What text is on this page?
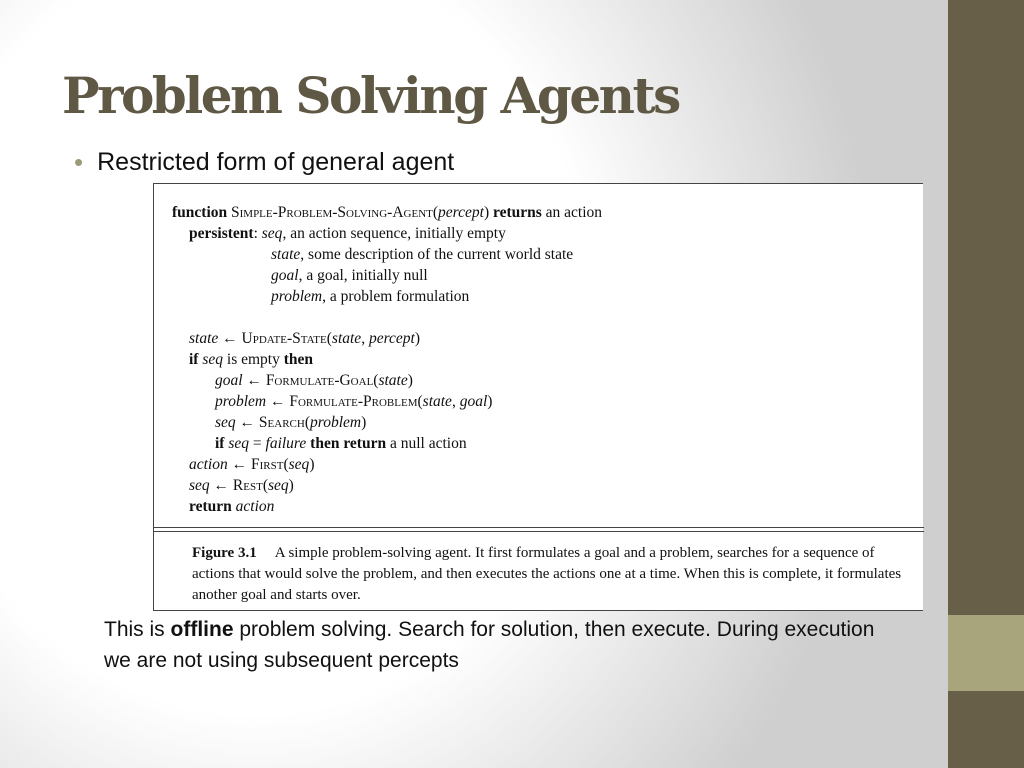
Problem Solving Agents
• Restricted form of general agent
function Simple-Problem-Solving-Agent(percept) returns an action
persistent: seq, an action sequence, initially empty
state, some description of the current world state
goal, a goal, initially null
problem, a problem formulation
state ← Update-State(state, percept)
if seq is empty then
goal ← Formulate-Goal(state)
problem ← Formulate-Problem(state, goal)
seq ← Search(problem)
if seq = failure then return a null action
action ← First(seq)
seq ← Rest(seq)
return action
Figure 3.1 A simple problem-solving agent. It first formulates a goal and a problem, searches for a sequence of actions that would solve the problem, and then executes the actions one at a time. When this is complete, it formulates another goal and starts over.
This is offline problem solving. Search for solution, then execute. During execution we are not using subsequent percepts
